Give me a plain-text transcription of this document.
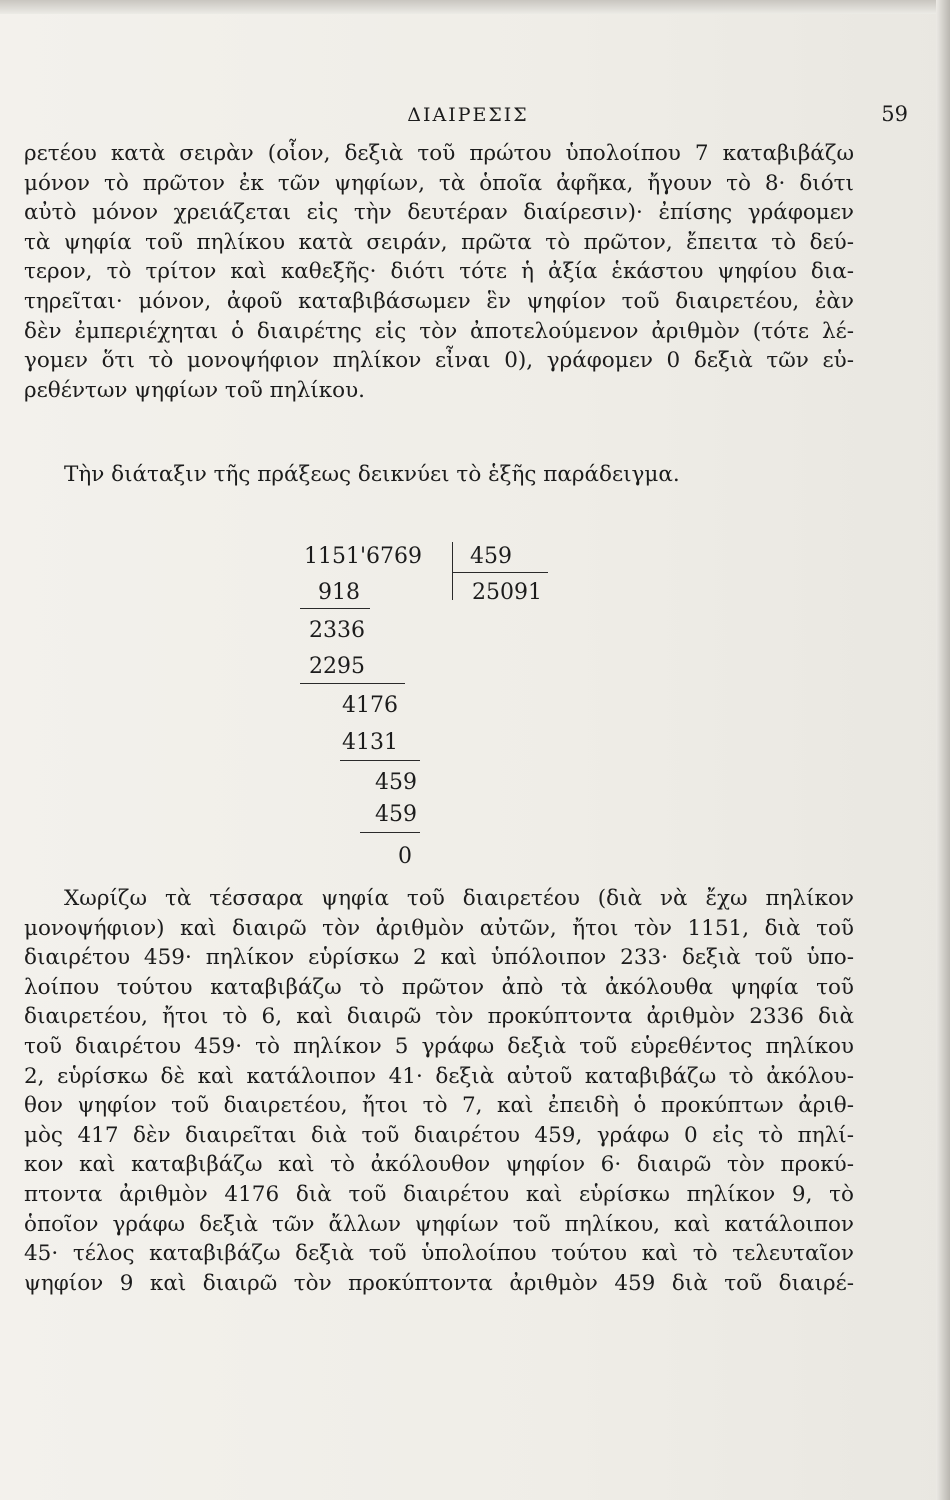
ΔΙΑΙΡΕΣΙΣ	59

ρετέου κατὰ σειρὰν (οἷον, δεξιὰ τοῦ πρώτου ὑπολοίπου 7 καταβιβάζω
μόνον τὸ πρῶτον ἐκ τῶν ψηφίων, τὰ ὁποῖα ἀφῆκα, ἤγουν τὸ 8· διότι
αὐτὸ μόνον χρειάζεται εἰς τὴν δευτέραν διαίρεσιν)· ἐπίσης γράφομεν
τὰ ψηφία τοῦ πηλίκου κατὰ σειράν, πρῶτα τὸ πρῶτον, ἔπειτα τὸ δεύ-
τερον, τὸ τρίτον καὶ καθεξῆς· διότι τότε ἡ ἀξία ἑκάστου ψηφίου δια-
τηρεῖται· μόνον, ἀφοῦ καταβιβάσωμεν ἓν ψηφίον τοῦ διαιρετέου, ἐὰν
δὲν ἐμπεριέχηται ὁ διαιρέτης εἰς τὸν ἀποτελούμενον ἀριθμὸν (τότε λέ-
γομεν ὅτι τὸ μονοψήφιον πηλίκον εἶναι 0), γράφομεν 0 δεξιὰ τῶν εὑ-
ρεθέντων ψηφίων τοῦ πηλίκου.

Τὴν διάταξιν τῆς πράξεως δεικνύει τὸ ἑξῆς παράδειγμα.

1151'6769	459
25091
918
2336
2295
4176
4131
459
459
0

Χωρίζω τὰ τέσσαρα ψηφία τοῦ διαιρετέου (διὰ νὰ ἔχω πηλίκον
μονοψήφιον) καὶ διαιρῶ τὸν ἀριθμὸν αὐτῶν, ἤτοι τὸν 1151, διὰ τοῦ
διαιρέτου 459· πηλίκον εὑρίσκω 2 καὶ ὑπόλοιπον 233· δεξιὰ τοῦ ὑπο-
λοίπου τούτου καταβιβάζω τὸ πρῶτον ἀπὸ τὰ ἀκόλουθα ψηφία τοῦ
διαιρετέου, ἤτοι τὸ 6, καὶ διαιρῶ τὸν προκύπτοντα ἀριθμὸν 2336 διὰ
τοῦ διαιρέτου 459· τὸ πηλίκον 5 γράφω δεξιὰ τοῦ εὑρεθέντος πηλίκου
2, εὑρίσκω δὲ καὶ κατάλοιπον 41· δεξιὰ αὐτοῦ καταβιβάζω τὸ ἀκόλου-
θον ψηφίον τοῦ διαιρετέου, ἤτοι τὸ 7, καὶ ἐπειδὴ ὁ προκύπτων ἀριθ-
μὸς 417 δὲν διαιρεῖται διὰ τοῦ διαιρέτου 459, γράφω 0 εἰς τὸ πηλί-
κον καὶ καταβιβάζω καὶ τὸ ἀκόλουθον ψηφίον 6· διαιρῶ τὸν προκύ-
πτοντα ἀριθμὸν 4176 διὰ τοῦ διαιρέτου καὶ εὑρίσκω πηλίκον 9, τὸ
ὁποῖον γράφω δεξιὰ τῶν ἄλλων ψηφίων τοῦ πηλίκου, καὶ κατάλοιπον
45· τέλος καταβιβάζω δεξιὰ τοῦ ὑπολοίπου τούτου καὶ τὸ τελευταῖον
ψηφίον 9 καὶ διαιρῶ τὸν προκύπτοντα ἀριθμὸν 459 διὰ τοῦ διαιρέ-
